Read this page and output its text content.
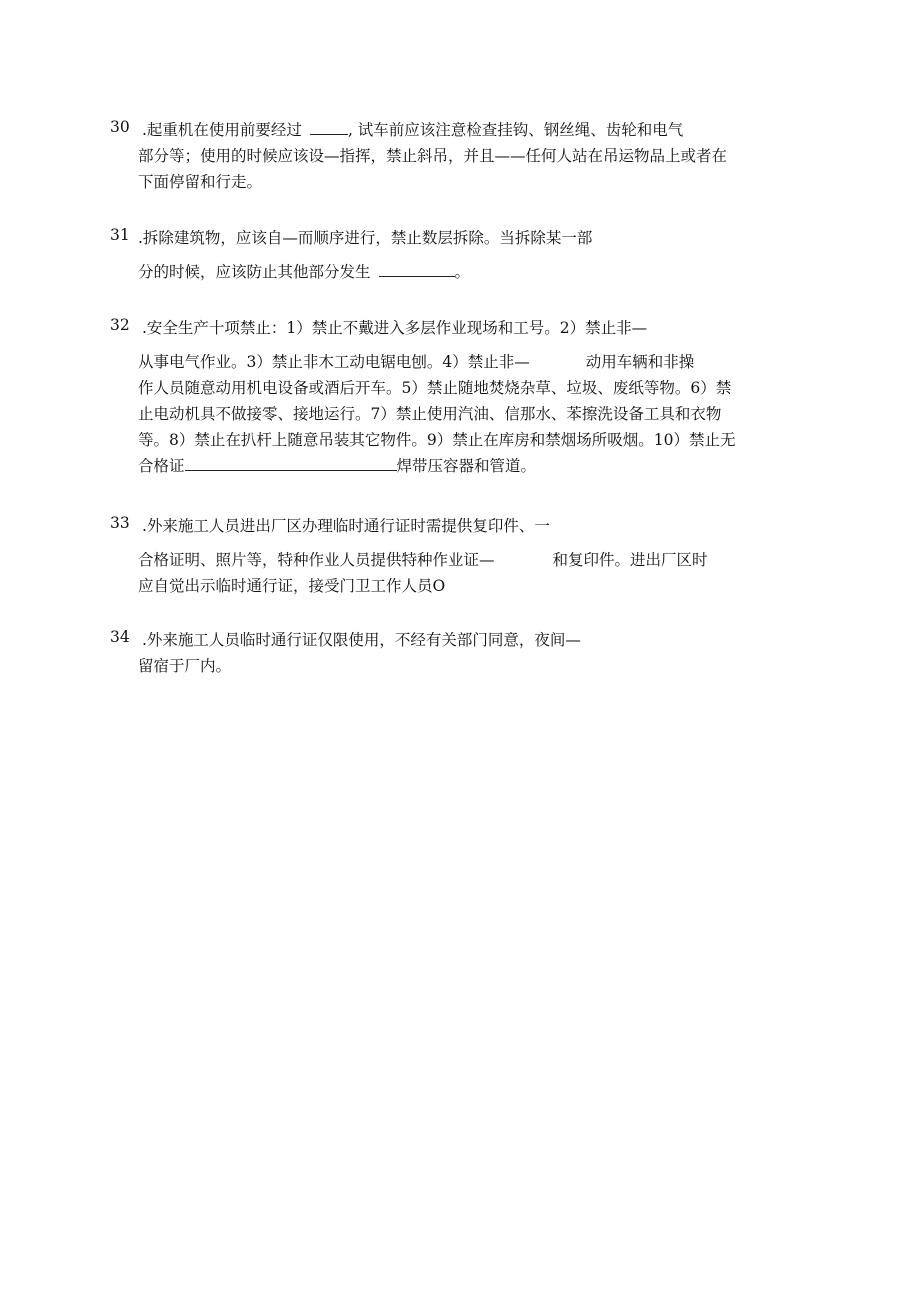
30 .起重机在使用前要经过	, 试车前应该注意检查挂钩、钢丝绳、齿轮和电气
部分等；使用的时候应该设—指挥，禁止斜吊，并且——任何人站在吊运物品上或者在
下面停留和行走。
31 .拆除建筑物，应该自—而顺序进行，禁止数层拆除。当拆除某一部
分的时候，应该防止其他部分发生	。
32 .安全生产十项禁止：1）禁止不戴进入多层作业现场和工号。2）禁止非—
从事电气作业。3）禁止非木工动电锯电刨。4）禁止非—	动用车辆和非操
作人员随意动用机电设备或酒后开车。5）禁止随地焚烧杂草、垃圾、废纸等物。6）禁
止电动机具不做接零、接地运行。7）禁止使用汽油、信那水、苯擦洗设备工具和衣物
等。8）禁止在扒杆上随意吊装其它物件。9）禁止在库房和禁烟场所吸烟。10）禁止无
合格证	焊带压容器和管道。
33 .外来施工人员进出厂区办理临时通行证时需提供复印件、一
合格证明、照片等，特种作业人员提供特种作业证—	和复印件。进出厂区时
应自觉出示临时通行证，接受门卫工作人员O
34 .外来施工人员临时通行证仅限使用，不经有关部门同意，夜间—
留宿于厂内。
